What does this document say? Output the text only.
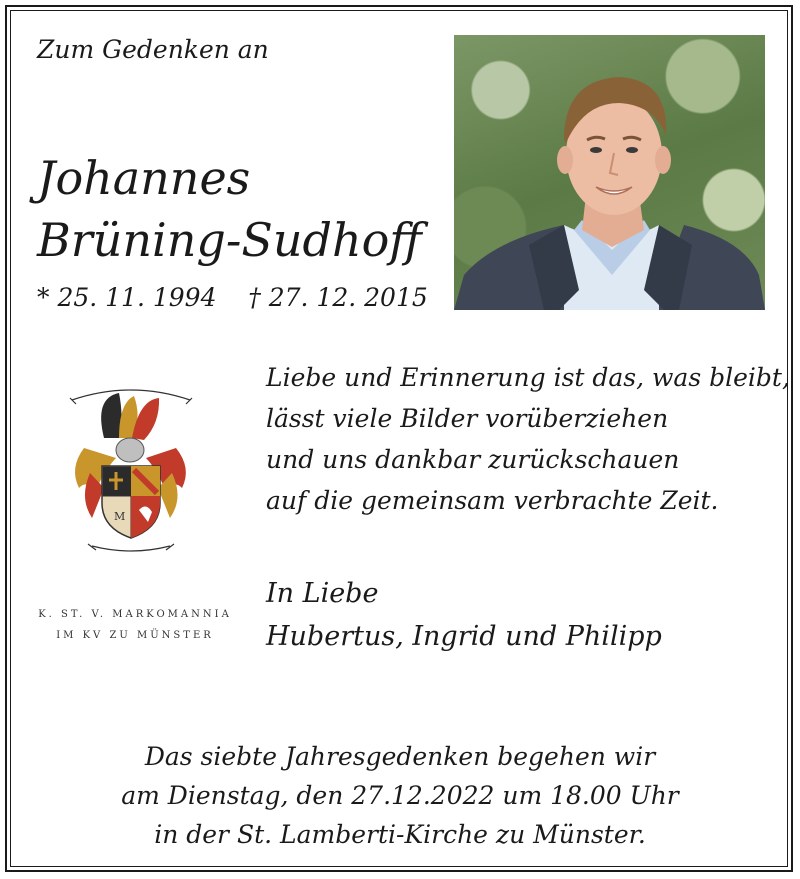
Zum Gedenken an
Johannes
Brüning-Sudhoff
* 25. 11. 1994 † 27. 12. 2015
M
K. ST. V. MARKOMANNIA
IM KV ZU MÜNSTER
Liebe und Erinnerung ist das, was bleibt,
lässt viele Bilder vorüberziehen
und uns dankbar zurückschauen
auf die gemeinsam verbrachte Zeit.
In Liebe
Hubertus, Ingrid und Philipp
Das siebte Jahresgedenken begehen wir
am Dienstag, den 27.12.2022 um 18.00 Uhr
in der St. Lamberti-Kirche zu Münster.
